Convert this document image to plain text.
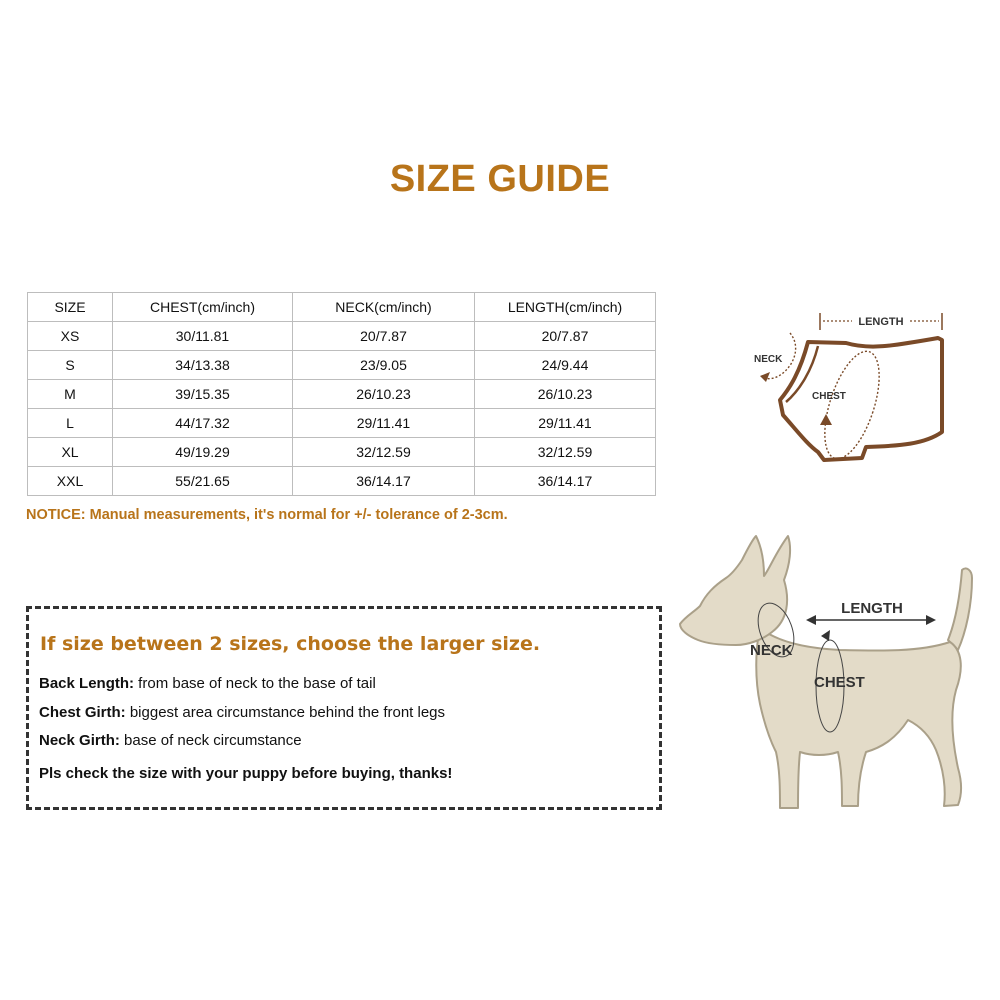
SIZE GUIDE
SIZE	CHEST(cm/inch)	NECK(cm/inch)	LENGTH(cm/inch)
XS	30/11.81	20/7.87	20/7.87
S	34/13.38	23/9.05	24/9.44
M	39/15.35	26/10.23	26/10.23
L	44/17.32	29/11.41	29/11.41
XL	49/19.29	32/12.59	32/12.59
XXL	55/21.65	36/14.17	36/14.17
NOTICE: Manual measurements, it's normal for +/- tolerance of 2-3cm.
If size between 2 sizes, choose the larger size.
Back Length: from base of neck to the base of tail
Chest Girth: biggest area circumstance behind the front legs
Neck Girth: base of neck circumstance
Pls check the size with your puppy before buying, thanks!
LENGTH
NECK
CHEST
LENGTH
NECK
CHEST
